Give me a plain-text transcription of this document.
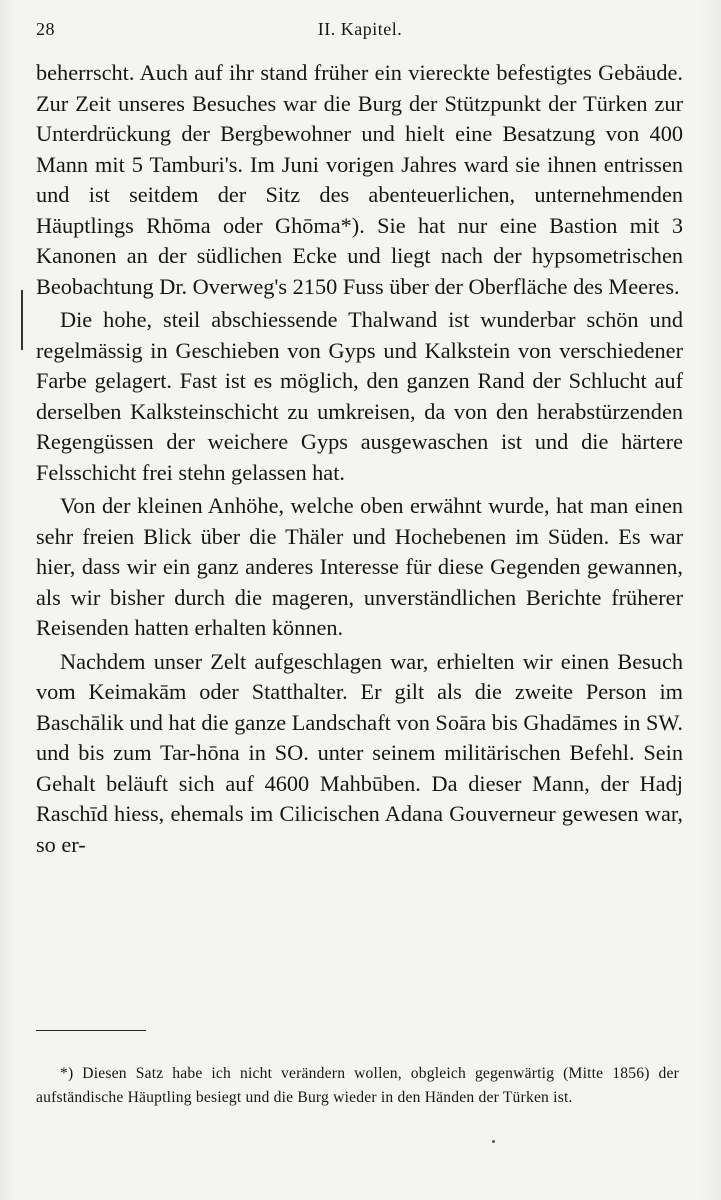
28	II. Kapitel.

beherrscht. Auch auf ihr stand früher ein viereckte befestigtes Gebäude. Zur Zeit unseres Besuches war die Burg der Stützpunkt der Türken zur Unterdrückung der Bergbewohner und hielt eine Besatzung von 400 Mann mit 5 Tamburi's. Im Juni vorigen Jahres ward sie ihnen entrissen und ist seitdem der Sitz des abenteuerlichen, unternehmenden Häuptlings Rhōma oder Ghōma*). Sie hat nur eine Bastion mit 3 Kanonen an der südlichen Ecke und liegt nach der hypsometrischen Beobachtung Dr. Overweg's 2150 Fuss über der Oberfläche des Meeres.

Die hohe, steil abschiessende Thalwand ist wunderbar schön und regelmässig in Geschieben von Gyps und Kalkstein von verschiedener Farbe gelagert. Fast ist es möglich, den ganzen Rand der Schlucht auf derselben Kalksteinschicht zu umkreisen, da von den herabstürzenden Regengüssen der weichere Gyps ausgewaschen ist und die härtere Felsschicht frei stehn gelassen hat.

Von der kleinen Anhöhe, welche oben erwähnt wurde, hat man einen sehr freien Blick über die Thäler und Hochebenen im Süden. Es war hier, dass wir ein ganz anderes Interesse für diese Gegenden gewannen, als wir bisher durch die mageren, unverständlichen Berichte früherer Reisenden hatten erhalten können.

Nachdem unser Zelt aufgeschlagen war, erhielten wir einen Besuch vom Keimakām oder Statthalter. Er gilt als die zweite Person im Baschālik und hat die ganze Landschaft von Soāra bis Ghadāmes in SW. und bis zum Tar-hōna in SO. unter seinem militärischen Befehl. Sein Gehalt beläuft sich auf 4600 Mahbūben. Da dieser Mann, der Hadj Raschīd hiess, ehemals im Cilicischen Adana Gouverneur gewesen war, so er-

*) Diesen Satz habe ich nicht verändern wollen, obgleich gegenwärtig (Mitte 1856) der aufständische Häuptling besiegt und die Burg wieder in den Händen der Türken ist.
